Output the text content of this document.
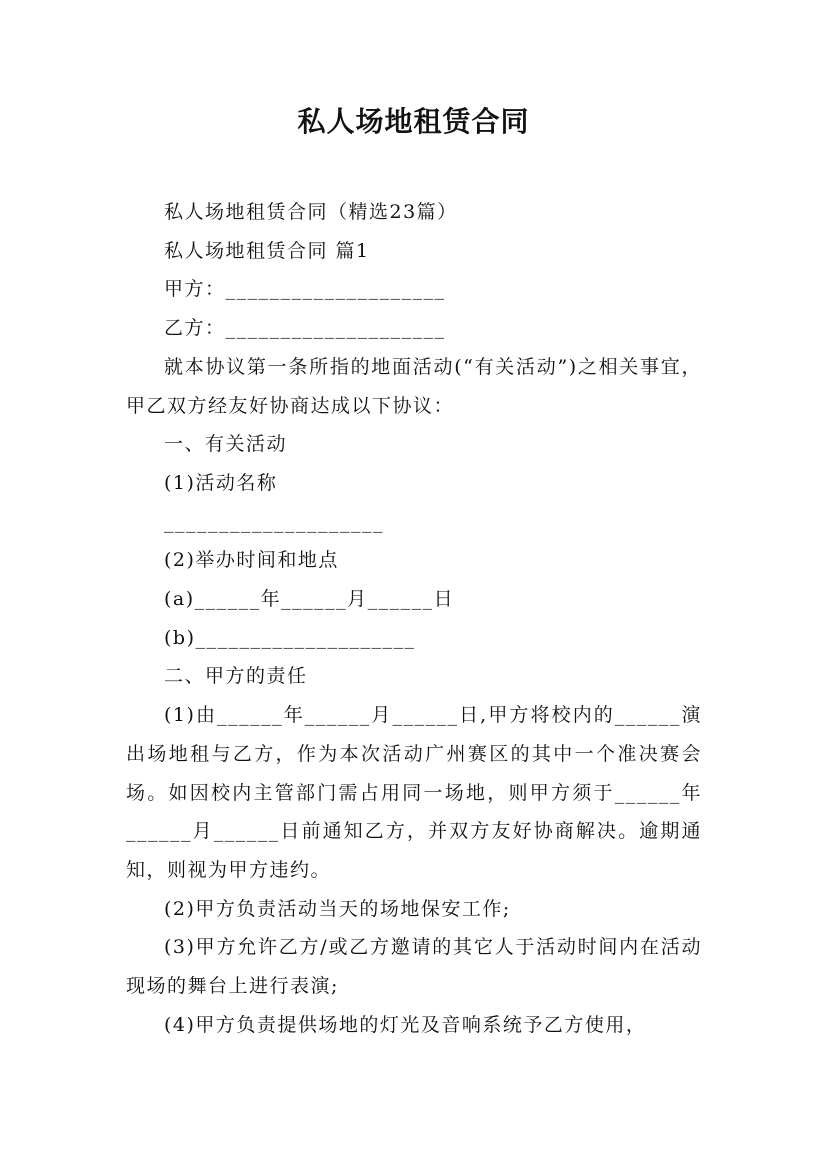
私人场地租赁合同

私人场地租赁合同（精选23篇）

私人场地租赁合同 篇1

甲方：____________________

乙方：____________________

就本协议第一条所指的地面活动(“有关活动”)之相关事宜，甲乙双方经友好协商达成以下协议：

一、有关活动

(1)活动名称

____________________

(2)举办时间和地点

(a)______年______月______日

(b)____________________

二、甲方的责任

(1)由______年______月______日,甲方将校内的______演出场地租与乙方，作为本次活动广州赛区的其中一个准决赛会场。如因校内主管部门需占用同一场地，则甲方须于______年______月______日前通知乙方，并双方友好协商解决。逾期通知，则视为甲方违约。

(2)甲方负责活动当天的场地保安工作;

(3)甲方允许乙方/或乙方邀请的其它人于活动时间内在活动现场的舞台上进行表演;

(4)甲方负责提供场地的灯光及音响系统予乙方使用，
